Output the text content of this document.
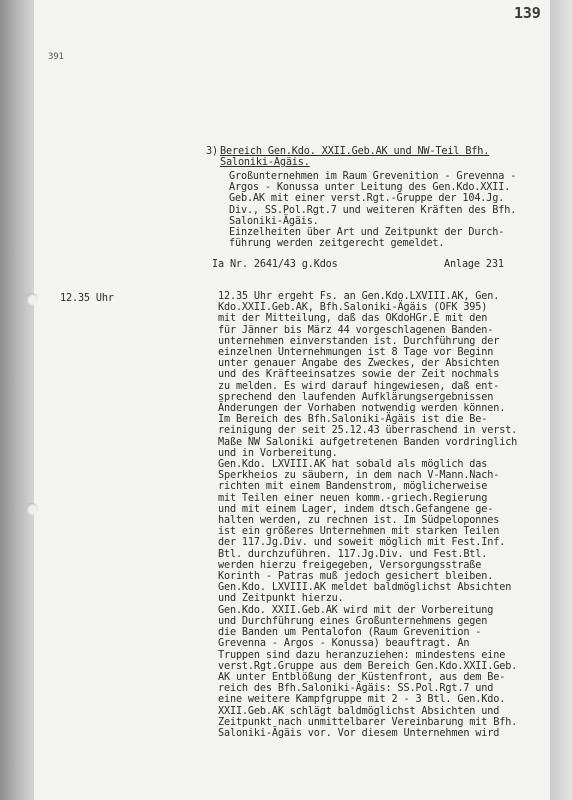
139
391
3) Bereich Gen.Kdo. XXII.Geb.AK und NW-Teil Bfh.
Saloniki-Ägäis.
Großunternehmen im Raum Grevenition - Grevenna -
Argos - Konussa unter Leitung des Gen.Kdo.XXII.
Geb.AK mit einer verst.Rgt.-Gruppe der 104.Jg.
Div., SS.Pol.Rgt.7 und weiteren Kräften des Bfh.
Saloniki-Ägäis.
Einzelheiten über Art und Zeitpunkt der Durch-
führung werden zeitgerecht gemeldet.
Ia Nr. 2641/43 g.Kdos	Anlage 231
12.35 Uhr	12.35 Uhr ergeht Fs. an Gen.Kdo.LXVIII.AK, Gen.
Kdo.XXII.Geb.AK, Bfh.Saloniki-Ägäis (OFK 395)
mit der Mitteilung, daß das OKdoHGr.E mit den
für Jänner bis März 44 vorgeschlagenen Banden-
unternehmen einverstanden ist. Durchführung der
einzelnen Unternehmungen ist 8 Tage vor Beginn
unter genauer Angabe des Zweckes, der Absichten
und des Kräfteeinsatzes sowie der Zeit nochmals
zu melden. Es wird darauf hingewiesen, daß ent-
sprechend den laufenden Aufklärungsergebnissen
Änderungen der Vorhaben notwendig werden können.
Im Bereich des Bfh.Saloniki-Ägäis ist die Be-
reinigung der seit 25.12.43 überraschend in verst.
Maße NW Saloniki aufgetretenen Banden vordringlich
und in Vorbereitung.
Gen.Kdo. LXVIII.AK hat sobald als möglich das
Sperkheios zu säubern, in dem nach V-Mann.Nach-
richten mit einem Bandenstrom, möglicherweise
mit Teilen einer neuen komm.-griech.Regierung
und mit einem Lager, indem dtsch.Gefangene ge-
halten werden, zu rechnen ist. Im Südpeloponnes
ist ein größeres Unternehmen mit starken Teilen
der 117.Jg.Div. und soweit möglich mit Fest.Inf.
Btl. durchzuführen. 117.Jg.Div. und Fest.Btl.
werden hierzu freigegeben, Versorgungsstraße
Korinth - Patras muß jedoch gesichert bleiben.
Gen.Kdo. LXVIII.AK meldet baldmöglichst Absichten
und Zeitpunkt hierzu.
Gen.Kdo. XXII.Geb.AK wird mit der Vorbereitung
und Durchführung eines Großunternehmens gegen
die Banden um Pentalofon (Raum Grevenition -
Grevenna - Argos - Konussa) beauftragt. An
Truppen sind dazu heranzuziehen: mindestens eine
verst.Rgt.Gruppe aus dem Bereich Gen.Kdo.XXII.Geb.
AK unter Entblößung der Küstenfront, aus dem Be-
reich des Bfh.Saloniki-Ägäis: SS.Pol.Rgt.7 und
eine weitere Kampfgruppe mit 2 - 3 Btl. Gen.Kdo.
XXII.Geb.AK schlägt baldmöglichst Absichten und
Zeitpunkt nach unmittelbarer Vereinbarung mit Bfh.
Saloniki-Ägäis vor. Vor diesem Unternehmen wird
